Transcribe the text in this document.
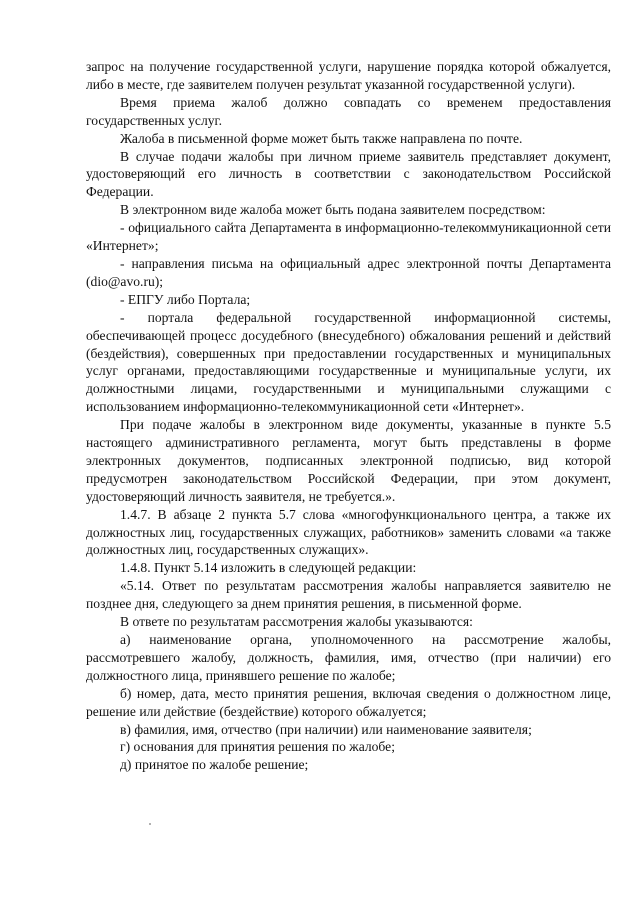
запрос на получение государственной услуги, нарушение порядка которой обжалуется, либо в месте, где заявителем получен результат указанной государственной услуги).

Время приема жалоб должно совпадать со временем предоставления государственных услуг.

Жалоба в письменной форме может быть также направлена по почте.

В случае подачи жалобы при личном приеме заявитель представляет документ, удостоверяющий его личность в соответствии с законодательством Российской Федерации.

В электронном виде жалоба может быть подана заявителем посредством:

- официального сайта Департамента в информационно-телекоммуникационной сети «Интернет»;

- направления письма на официальный адрес электронной почты Департамента (dio@avo.ru);

- ЕПГУ либо Портала;

- портала федеральной государственной информационной системы, обеспечивающей процесс досудебного (внесудебного) обжалования решений и действий (бездействия), совершенных при предоставлении государственных и муниципальных услуг органами, предоставляющими государственные и муниципальные услуги, их должностными лицами, государственными и муниципальными служащими с использованием информационно-телекоммуникационной сети «Интернет».

При подаче жалобы в электронном виде документы, указанные в пункте 5.5 настоящего административного регламента, могут быть представлены в форме электронных документов, подписанных электронной подписью, вид которой предусмотрен законодательством Российской Федерации, при этом документ, удостоверяющий личность заявителя, не требуется.».

1.4.7. В абзаце 2 пункта 5.7 слова «многофункционального центра, а также их должностных лиц, государственных служащих, работников» заменить словами «а также должностных лиц, государственных служащих».

1.4.8. Пункт 5.14 изложить в следующей редакции:

«5.14. Ответ по результатам рассмотрения жалобы направляется заявителю не позднее дня, следующего за днем принятия решения, в письменной форме.

В ответе по результатам рассмотрения жалобы указываются:

а) наименование органа, уполномоченного на рассмотрение жалобы, рассмотревшего жалобу, должность, фамилия, имя, отчество (при наличии) его должностного лица, принявшего решение по жалобе;

б) номер, дата, место принятия решения, включая сведения о должностном лице, решение или действие (бездействие) которого обжалуется;

в) фамилия, имя, отчество (при наличии) или наименование заявителя;

г) основания для принятия решения по жалобе;

д) принятое по жалобе решение;
